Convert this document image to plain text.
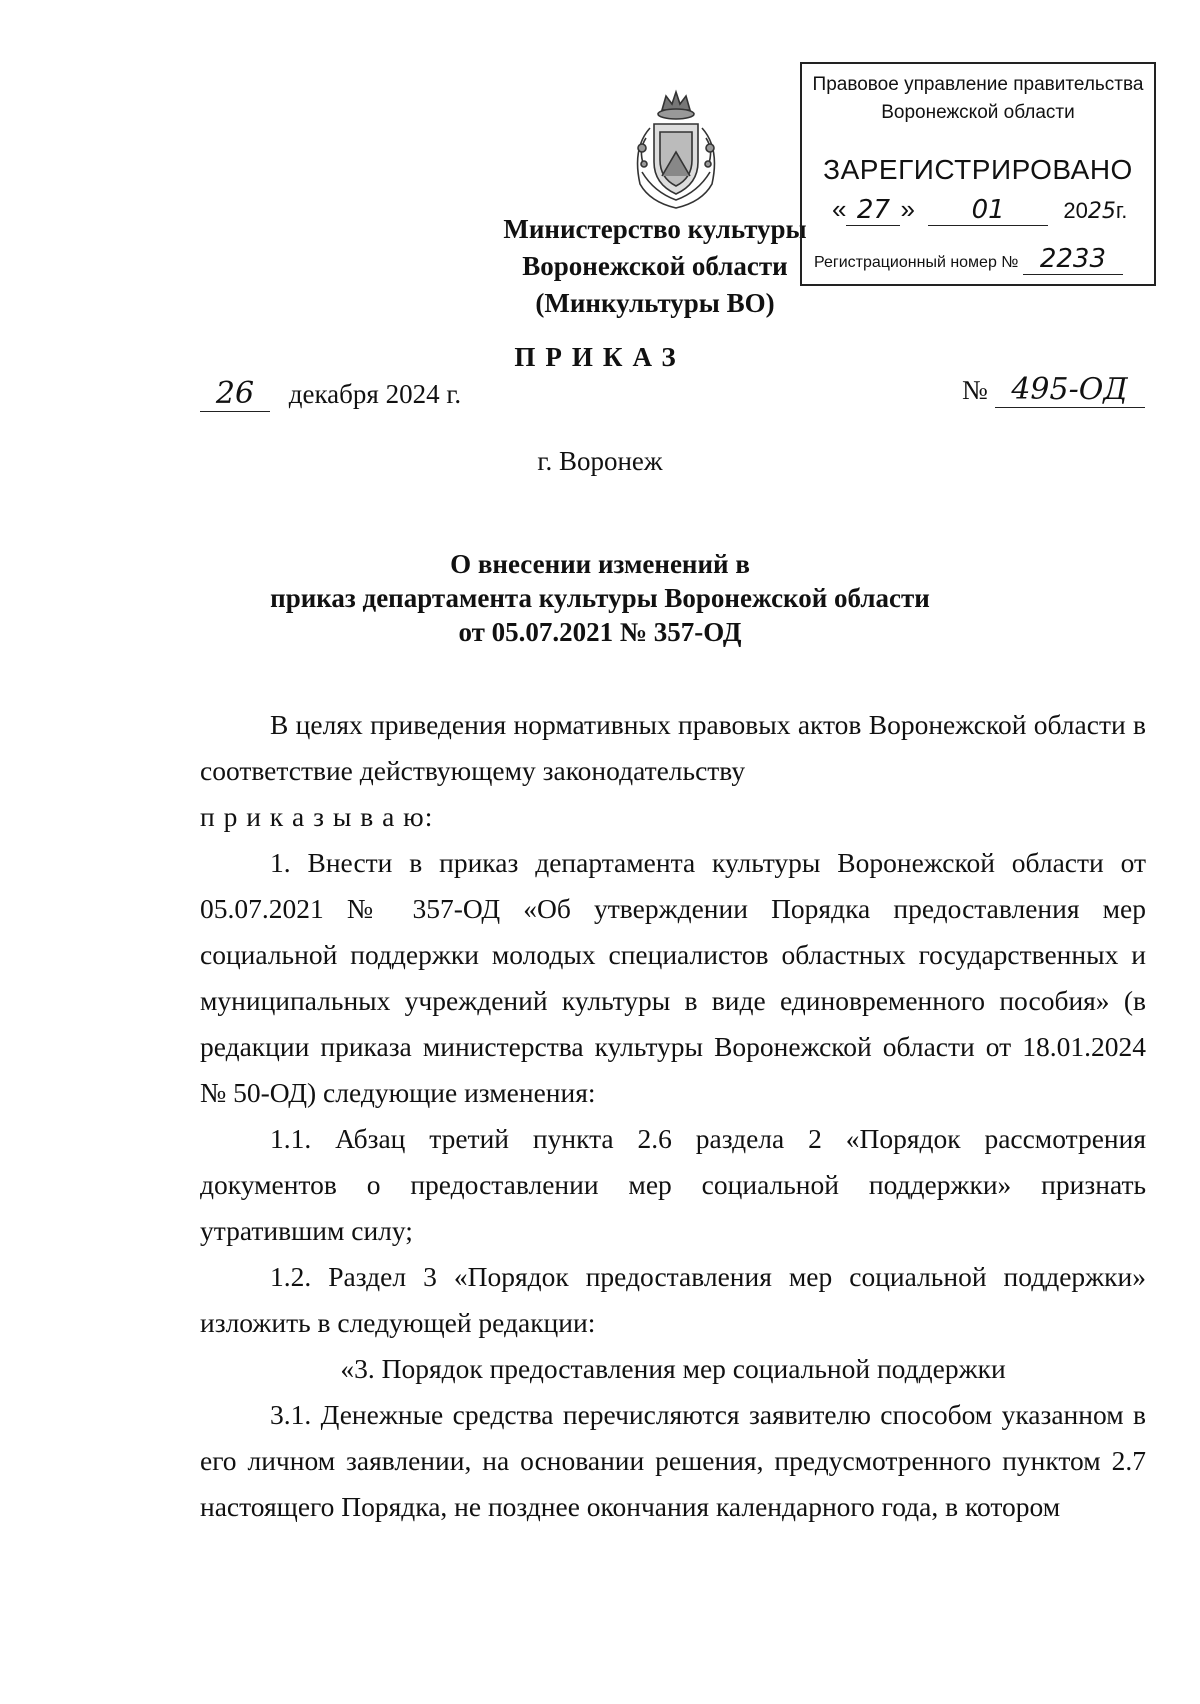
Министерство культуры
Воронежской области
(Минкультуры ВО)
Правовое управление правительства
Воронежской области
ЗАРЕГИСТРИРОВАНО
« 27 » 01	2025г.
Регистрационный номер № 2233
ПРИКАЗ
26 декабря 2024 г.	№ 495-ОД
г. Воронеж
О внесении изменений в
приказ департамента культуры Воронежской области
от 05.07.2021 № 357-ОД

В целях приведения нормативных правовых актов Воронежской области в соответствие действующему законодательству

п р и к а з ы в а ю:

1. Внести в приказ департамента культуры Воронежской области от 05.07.2021 № 357-ОД «Об утверждении Порядка предоставления мер социальной поддержки молодых специалистов областных государственных и муниципальных учреждений культуры в виде единовременного пособия» (в редакции приказа министерства культуры Воронежской области от 18.01.2024 № 50-ОД) следующие изменения:

1.1. Абзац третий пункта 2.6 раздела 2 «Порядок рассмотрения документов о предоставлении мер социальной поддержки» признать утратившим силу;

1.2. Раздел 3 «Порядок предоставления мер социальной поддержки» изложить в следующей редакции:

«3. Порядок предоставления мер социальной поддержки

3.1. Денежные средства перечисляются заявителю способом указанном в его личном заявлении, на основании решения, предусмотренного пунктом 2.7 настоящего Порядка, не позднее окончания календарного года, в котором
